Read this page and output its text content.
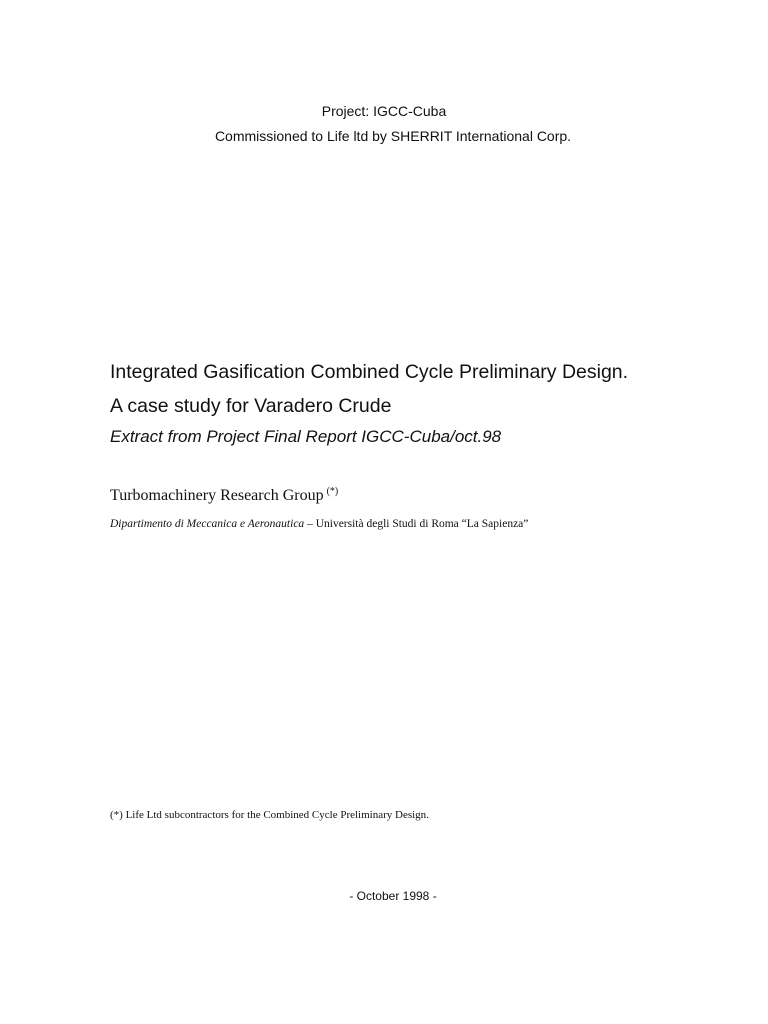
Project: IGCC-Cuba
Commissioned to Life ltd by SHERRIT International Corp.
Integrated Gasification Combined Cycle Preliminary Design.
A case study for Varadero Crude
Extract from Project Final Report IGCC-Cuba/oct.98
Turbomachinery Research Group (*)
Dipartimento di Meccanica e Aeronautica – Università degli Studi di Roma “La Sapienza”
(*) Life Ltd subcontractors for the Combined Cycle Preliminary Design.
- October 1998 -
